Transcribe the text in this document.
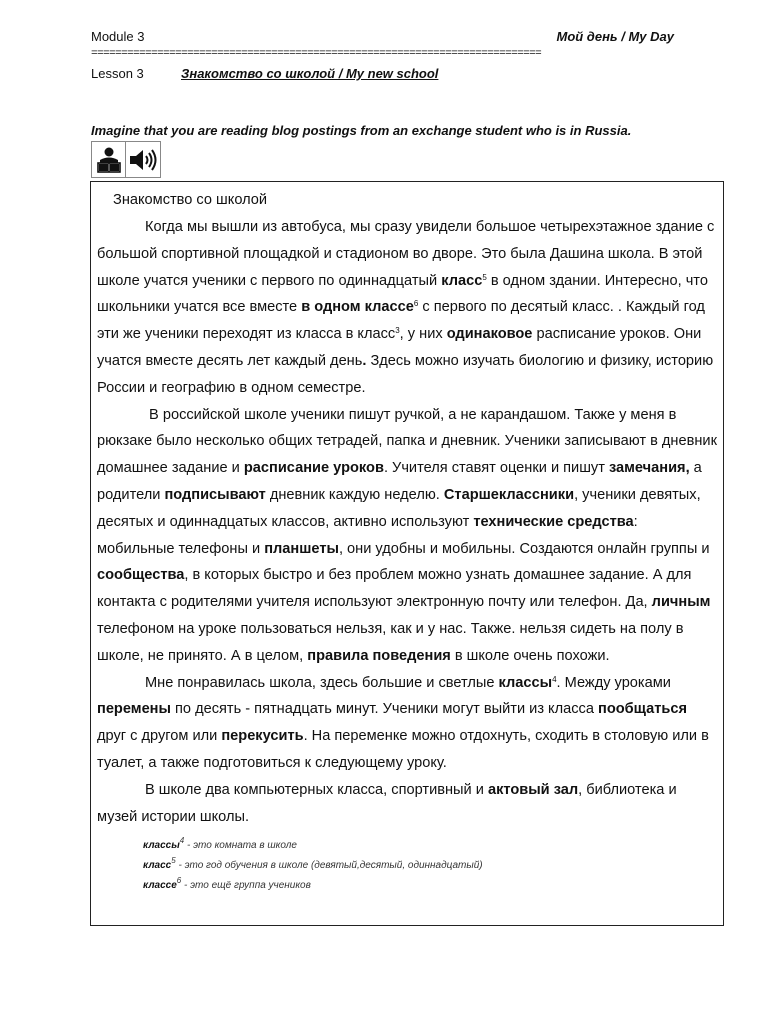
Module 3	Мой день / My Day
===========================================================================
Lesson 3	Знакомство со школой / My new school
Imagine that you are reading blog postings from an exchange student who is in Russia.

Знакомство со школой

Когда мы вышли из автобуса, мы сразу увидели большое четырехэтажное здание с большой спортивной площадкой и стадионом во дворе. Это была Дашина школа. В этой школе учатся ученики с первого по одиннадцатый класс$^5$ в одном здании. Интересно, что школьники учатся все вместе в одном классе$^6$ с первого по десятый класс. . Каждый год эти же ученики переходят из класса в класс$^3$, у них одинаковое расписание уроков. Они учатся вместе десять лет каждый день. Здесь можно изучать биологию и физику, историю России и географию в одном семестре.

В российской школе ученики пишут ручкой, а не карандашом. Также у меня в рюкзаке было несколько общих тетрадей, папка и дневник. Ученики записывают в дневник домашнее задание и расписание уроков. Учителя ставят оценки и пишут замечания, а родители подписывают дневник каждую неделю. Старшеклассники, ученики девятых, десятых и одиннадцатых классов, активно используют технические средства: мобильные телефоны и планшеты, они удобны и мобильны. Создаются онлайн группы и сообщества, в которых быстро и без проблем можно узнать домашнее задание. А для контакта с родителями учителя используют электронную почту или телефон. Да, личным телефоном на уроке пользоваться нельзя, как и у нас. Также. нельзя сидеть на полу в школе, не принято. А в целом, правила поведения в школе очень похожи.

Мне понравилась школа, здесь большие и светлые классы$^4$. Между уроками перемены по десять - пятнадцать минут. Ученики могут выйти из класса пообщаться друг с другом или перекусить. На переменке можно отдохнуть, сходить в столовую или в туалет, а также подготовиться к следующему уроку.

В школе два компьютерных класса, спортивный и актовый зал, библиотека и музей истории школы.

классы$^4$ - это комната в школе
класс$^5$ - это год обучения в школе (девятый,десятый, одиннадцатый)
классе$^6$ - это ещё группа учеников
